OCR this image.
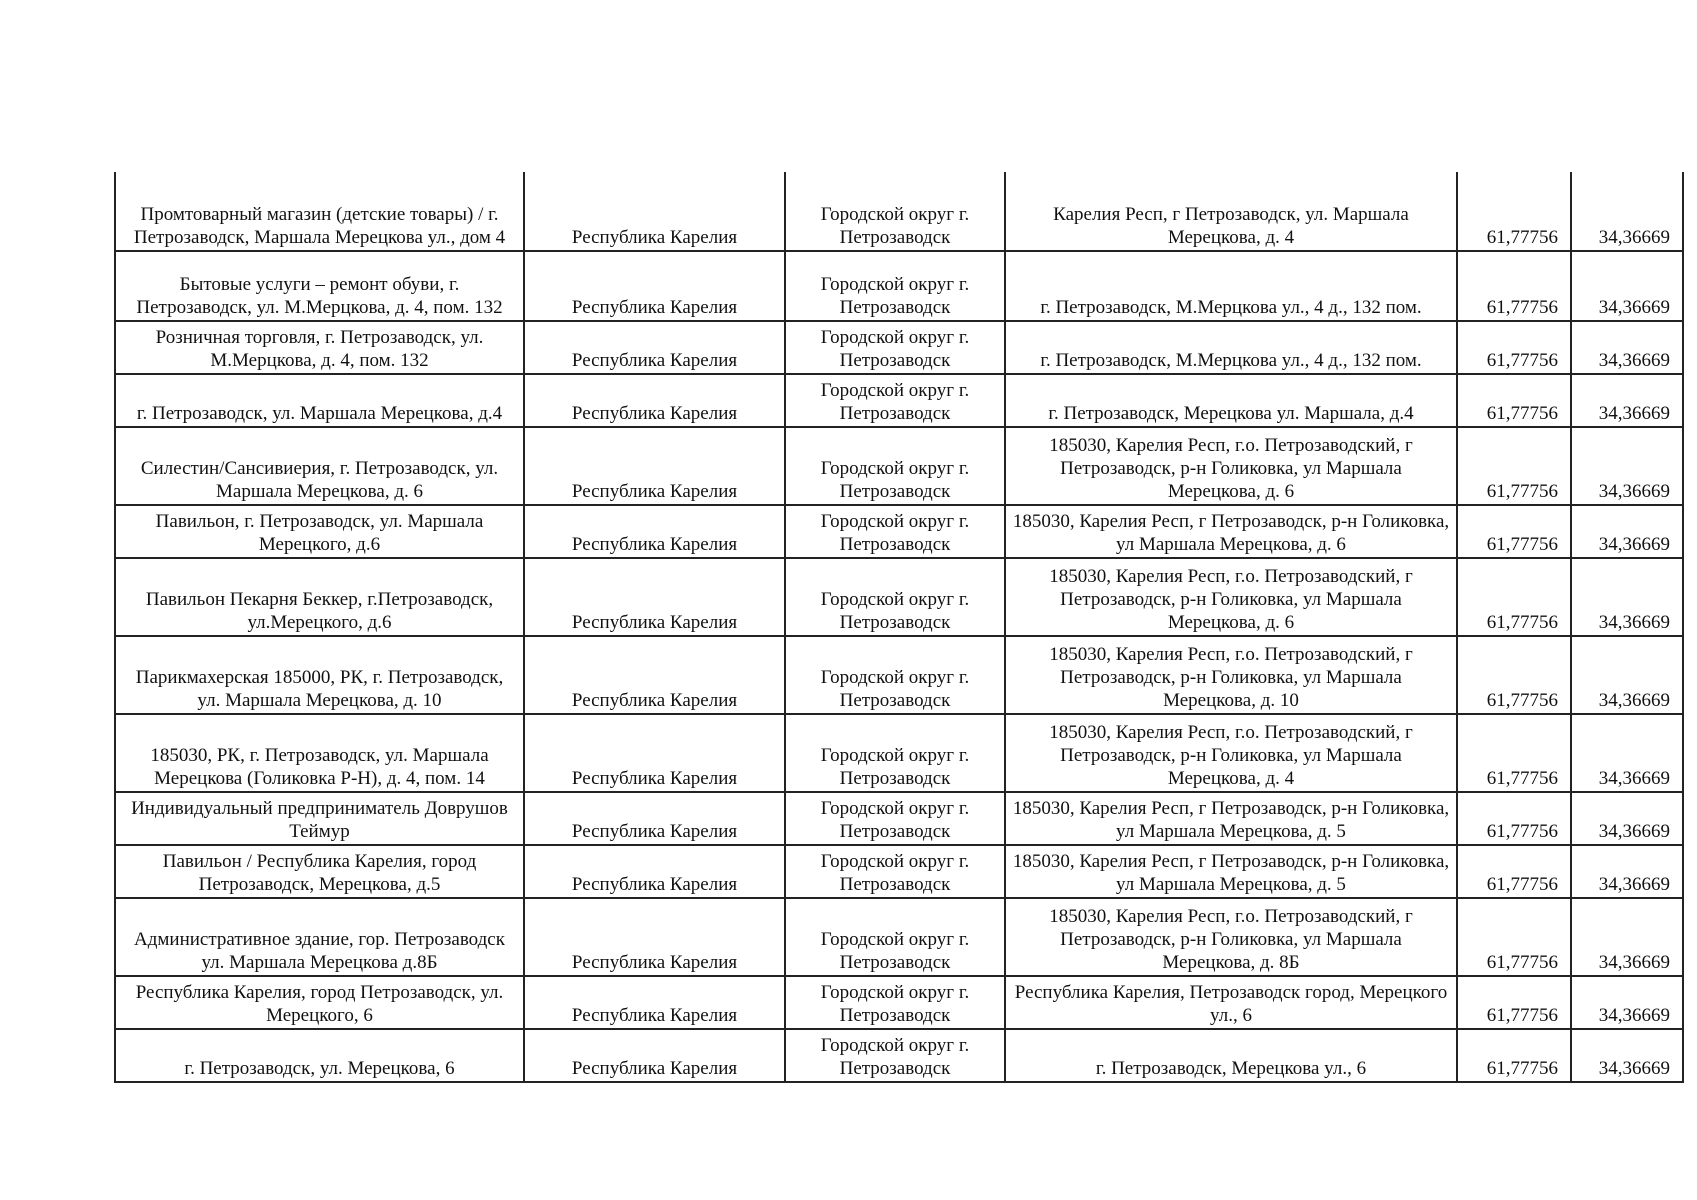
Промтоварный магазин (детские товары) / г. Петрозаводск, Маршала Мерецкова ул., дом 4	Республика Карелия	Городской округ г. Петрозаводск	Карелия Респ, г Петрозаводск, ул. Маршала Мерецкова, д. 4	61,77756	34,36669
Бытовые услуги – ремонт обуви, г. Петрозаводск, ул. М.Мерцкова, д. 4, пом. 132	Республика Карелия	Городской округ г. Петрозаводск	г. Петрозаводск, М.Мерцкова ул., 4 д., 132 пом.	61,77756	34,36669
Розничная торговля, г. Петрозаводск, ул. М.Мерцкова, д. 4, пом. 132	Республика Карелия	Городской округ г. Петрозаводск	г. Петрозаводск, М.Мерцкова ул., 4 д., 132 пом.	61,77756	34,36669
г. Петрозаводск, ул. Маршала Мерецкова, д.4	Республика Карелия	Городской округ г. Петрозаводск	г. Петрозаводск, Мерецкова ул. Маршала, д.4	61,77756	34,36669
Силестин/Сансивиерия, г. Петрозаводск, ул. Маршала Мерецкова, д. 6	Республика Карелия	Городской округ г. Петрозаводск	185030, Карелия Респ, г.о. Петрозаводский, г Петрозаводск, р-н Голиковка, ул Маршала Мерецкова, д. 6	61,77756	34,36669
Павильон, г. Петрозаводск, ул. Маршала Мерецкого, д.6	Республика Карелия	Городской округ г. Петрозаводск	185030, Карелия Респ, г Петрозаводск, р-н Голиковка, ул Маршала Мерецкова, д. 6	61,77756	34,36669
Павильон Пекарня Беккер, г.Петрозаводск, ул.Мерецкого, д.6	Республика Карелия	Городской округ г. Петрозаводск	185030, Карелия Респ, г.о. Петрозаводский, г Петрозаводск, р-н Голиковка, ул Маршала Мерецкова, д. 6	61,77756	34,36669
Парикмахерская 185000, РК, г. Петрозаводск, ул. Маршала Мерецкова, д. 10	Республика Карелия	Городской округ г. Петрозаводск	185030, Карелия Респ, г.о. Петрозаводский, г Петрозаводск, р-н Голиковка, ул Маршала Мерецкова, д. 10	61,77756	34,36669
185030, РК, г. Петрозаводск, ул. Маршала Мерецкова (Голиковка Р-Н), д. 4, пом. 14	Республика Карелия	Городской округ г. Петрозаводск	185030, Карелия Респ, г.о. Петрозаводский, г Петрозаводск, р-н Голиковка, ул Маршала Мерецкова, д. 4	61,77756	34,36669
Индивидуальный предприниматель Доврушов Теймур	Республика Карелия	Городской округ г. Петрозаводск	185030, Карелия Респ, г Петрозаводск, р-н Голиковка, ул Маршала Мерецкова, д. 5	61,77756	34,36669
Павильон / Республика Карелия, город Петрозаводск, Мерецкова, д.5	Республика Карелия	Городской округ г. Петрозаводск	185030, Карелия Респ, г Петрозаводск, р-н Голиковка, ул Маршала Мерецкова, д. 5	61,77756	34,36669
Административное здание, гор. Петрозаводск ул. Маршала Мерецкова д.8Б	Республика Карелия	Городской округ г. Петрозаводск	185030, Карелия Респ, г.о. Петрозаводский, г Петрозаводск, р-н Голиковка, ул Маршала Мерецкова, д. 8Б	61,77756	34,36669
Республика Карелия, город Петрозаводск, ул. Мерецкого, 6	Республика Карелия	Городской округ г. Петрозаводск	Республика Карелия, Петрозаводск город, Мерецкого ул., 6	61,77756	34,36669
г. Петрозаводск, ул. Мерецкова, 6	Республика Карелия	Городской округ г. Петрозаводск	г. Петрозаводск, Мерецкова ул., 6	61,77756	34,36669
